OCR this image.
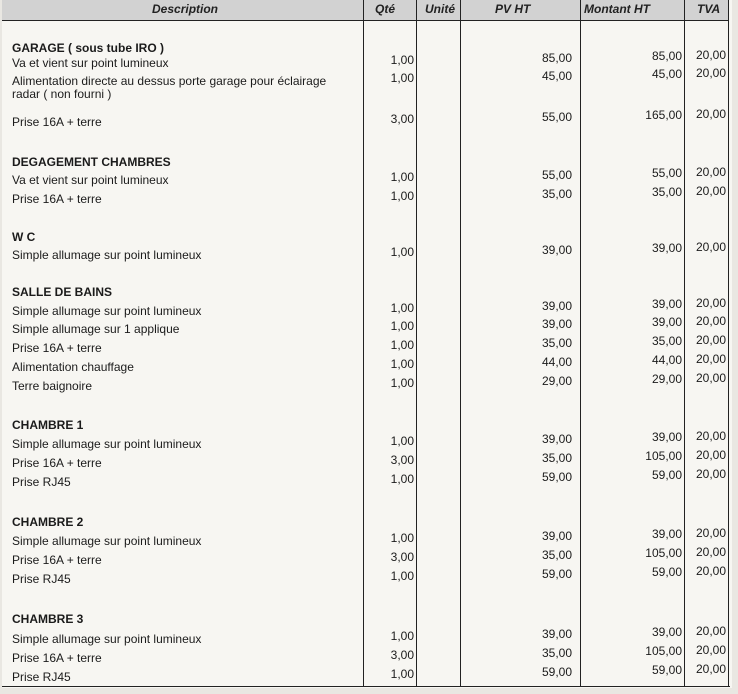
Description	Qté Unité	PV HT	Montant HT	TVA
GARAGE ( sous tube IRO )
Va et vient sur point lumineux	1,00	85,00	85,00	20,00
Alimentation directe au dessus porte garage pour éclairage
radar ( non fourni )
1,00	45,00	45,00	20,00
Prise 16A + terre	3,00	55,00	165,00	20,00
DEGAGEMENT CHAMBRES
Va et vient sur point lumineux	1,00	55,00	55,00	20,00
Prise 16A + terre	1,00	35,00	35,00	20,00
W C
Simple allumage sur point lumineux	1,00	39,00	39,00	20,00
SALLE DE BAINS
Simple allumage sur point lumineux	1,00	39,00	39,00	20,00
Simple allumage sur 1 applique	1,00	39,00	39,00	20,00
Prise 16A + terre	1,00	35,00	35,00	20,00
Alimentation chauffage	1,00	44,00	44,00	20,00
Terre baignoire	1,00	29,00	29,00	20,00
CHAMBRE 1
Simple allumage sur point lumineux	1,00	39,00	39,00	20,00
Prise 16A + terre	3,00	35,00	105,00	20,00
Prise RJ45	1,00	59,00	59,00	20,00
CHAMBRE 2
Simple allumage sur point lumineux	1,00	39,00	39,00	20,00
Prise 16A + terre	3,00	35,00	105,00	20,00
Prise RJ45	1,00	59,00	59,00	20,00
CHAMBRE 3
Simple allumage sur point lumineux	1,00	39,00	39,00	20,00
Prise 16A + terre	3,00	35,00	105,00	20,00
Prise RJ45	1,00	59,00	59,00	20,00
